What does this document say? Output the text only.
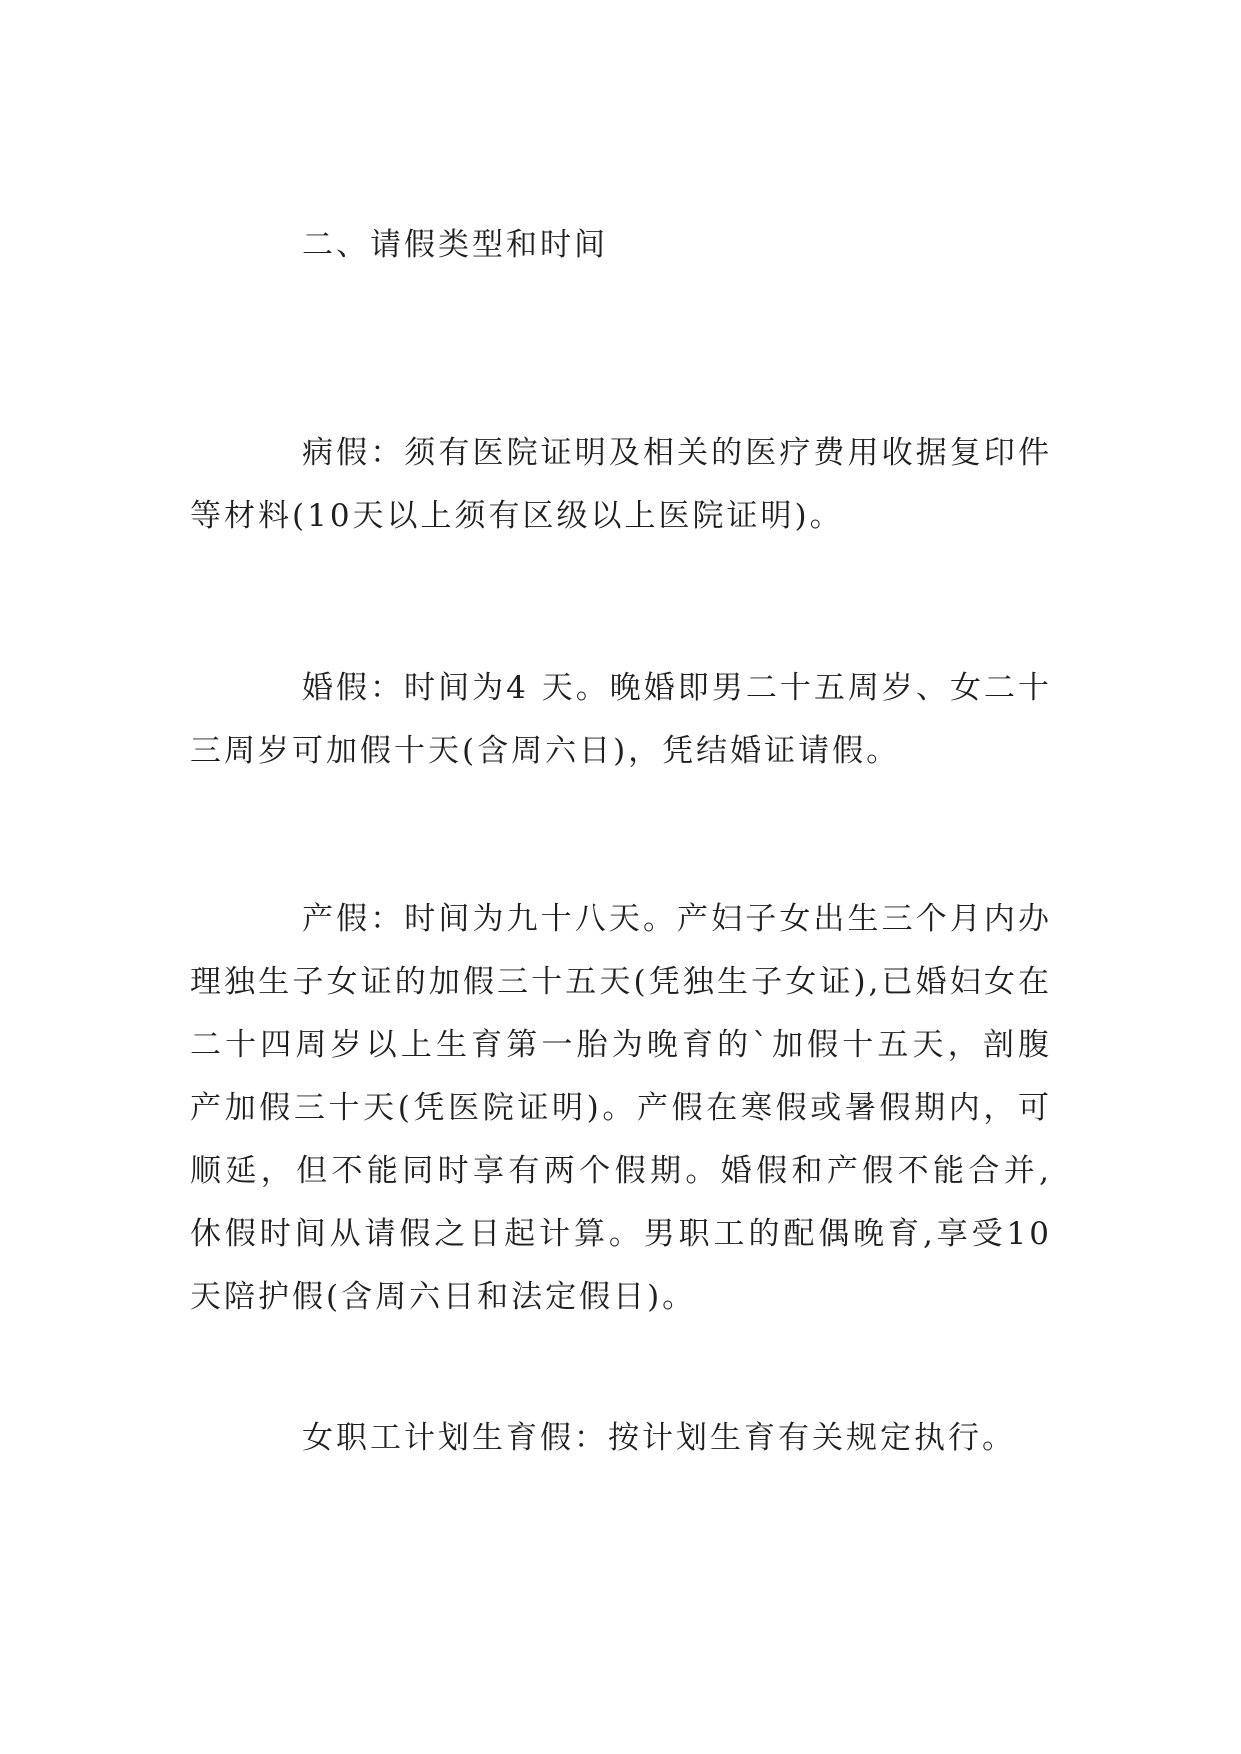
二、请假类型和时间

病假：须有医院证明及相关的医疗费用收据复印件等材料(10天以上须有区级以上医院证明)。

婚假：时间为4 天。晚婚即男二十五周岁、女二十三周岁可加假十天(含周六日)，凭结婚证请假。

产假：时间为九十八天。产妇子女出生三个月内办理独生子女证的加假三十五天(凭独生子女证),已婚妇女在二十四周岁以上生育第一胎为晚育的`加假十五天，剖腹产加假三十天(凭医院证明)。产假在寒假或暑假期内，可顺延，但不能同时享有两个假期。婚假和产假不能合并,休假时间从请假之日起计算。男职工的配偶晚育,享受10天陪护假(含周六日和法定假日)。

女职工计划生育假：按计划生育有关规定执行。
